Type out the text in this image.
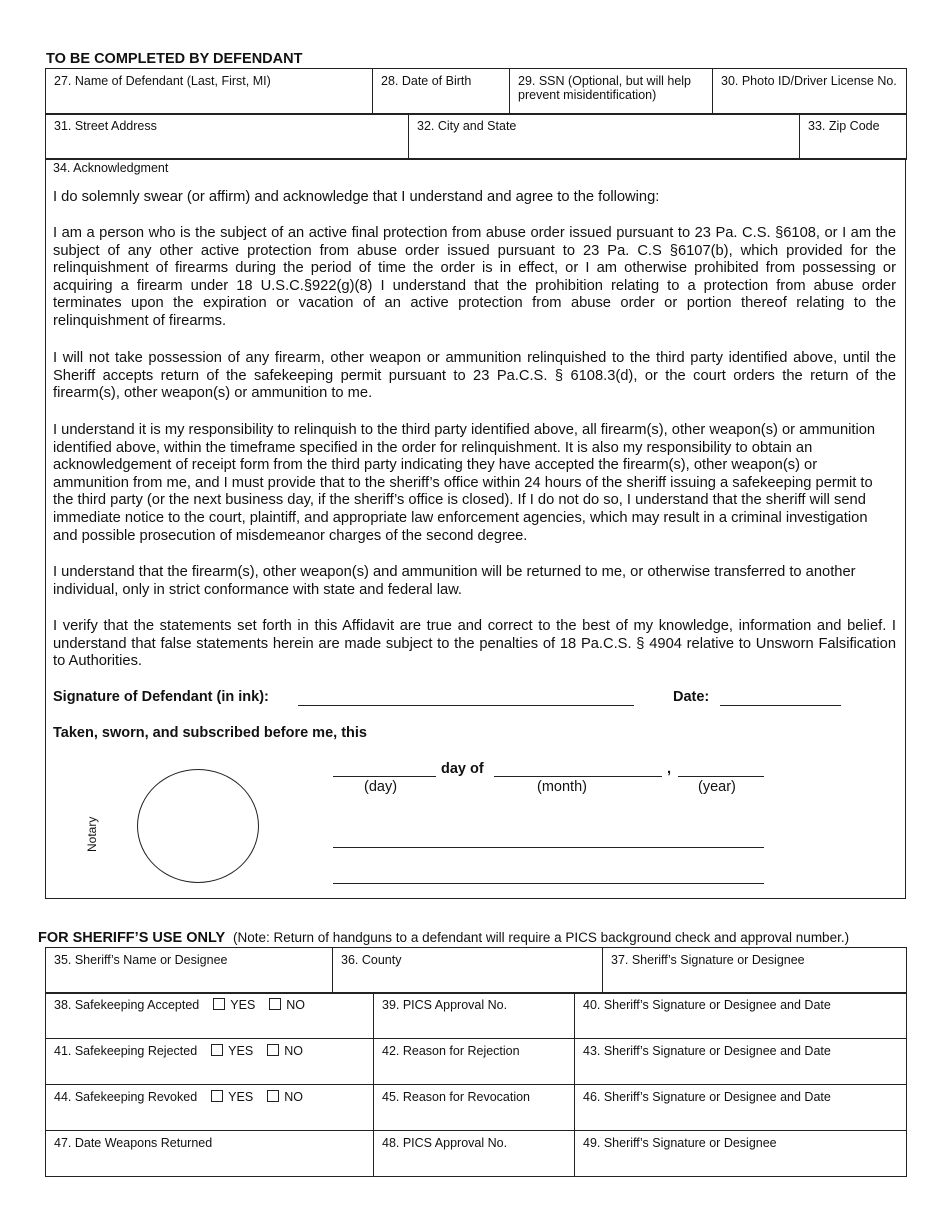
TO BE COMPLETED BY DEFENDANT
27. Name of Defendant (Last, First, MI)	28. Date of Birth	29. SSN (Optional, but will help prevent misidentification)	30. Photo ID/Driver License No.
31. Street Address	32. City and State	33. Zip Code
34. Acknowledgment
I do solemnly swear (or affirm) and acknowledge that I understand and agree to the following:
I am a person who is the subject of an active final protection from abuse order issued pursuant to 23 Pa. C.S. §6108, or I am the subject of any other active protection from abuse order issued pursuant to 23 Pa. C.S §6107(b), which provided for the relinquishment of firearms during the period of time the order is in effect, or I am otherwise prohibited from possessing or acquiring a firearm under 18 U.S.C.§922(g)(8) I understand that the prohibition relating to a protection from abuse order terminates upon the expiration or vacation of an active protection from abuse order or portion thereof relating to the relinquishment of firearms.
I will not take possession of any firearm, other weapon or ammunition relinquished to the third party identified above, until the Sheriff accepts return of the safekeeping permit pursuant to 23 Pa.C.S. § 6108.3(d), or the court orders the return of the firearm(s), other weapon(s) or ammunition to me.
I understand it is my responsibility to relinquish to the third party identified above, all firearm(s), other weapon(s) or ammunition identified above, within the timeframe specified in the order for relinquishment. It is also my responsibility to obtain an acknowledgement of receipt form from the third party indicating they have accepted the firearm(s), other weapon(s) or ammunition from me, and I must provide that to the sheriff’s office within 24 hours of the sheriff issuing a safekeeping permit to the third party (or the next business day, if the sheriff’s office is closed). If I do not do so, I understand that the sheriff will send immediate notice to the court, plaintiff, and appropriate law enforcement agencies, which may result in a criminal investigation and possible prosecution of misdemeanor charges of the second degree.
I understand that the firearm(s), other weapon(s) and ammunition will be returned to me, or otherwise transferred to another individual, only in strict conformance with state and federal law.
I verify that the statements set forth in this Affidavit are true and correct to the best of my knowledge, information and belief. I understand that false statements herein are made subject to the penalties of 18 Pa.C.S. § 4904 relative to Unsworn Falsification to Authorities.
Signature of Defendant (in ink):	Date:
Taken, sworn, and subscribed before me, this
day of	,
(day)	(month)	(year)
Notary
FOR SHERIFF’S USE ONLY (Note: Return of handguns to a defendant will require a PICS background check and approval number.)
35. Sheriff’s Name or Designee	36. County	37. Sheriff’s Signature or Designee
38. Safekeeping Accepted YES NO	39. PICS Approval No.	40. Sheriff’s Signature or Designee and Date
41. Safekeeping Rejected YES NO	42. Reason for Rejection	43. Sheriff’s Signature or Designee and Date
44. Safekeeping Revoked YES NO	45. Reason for Revocation	46. Sheriff’s Signature or Designee and Date
47. Date Weapons Returned	48. PICS Approval No.	49. Sheriff’s Signature or Designee
